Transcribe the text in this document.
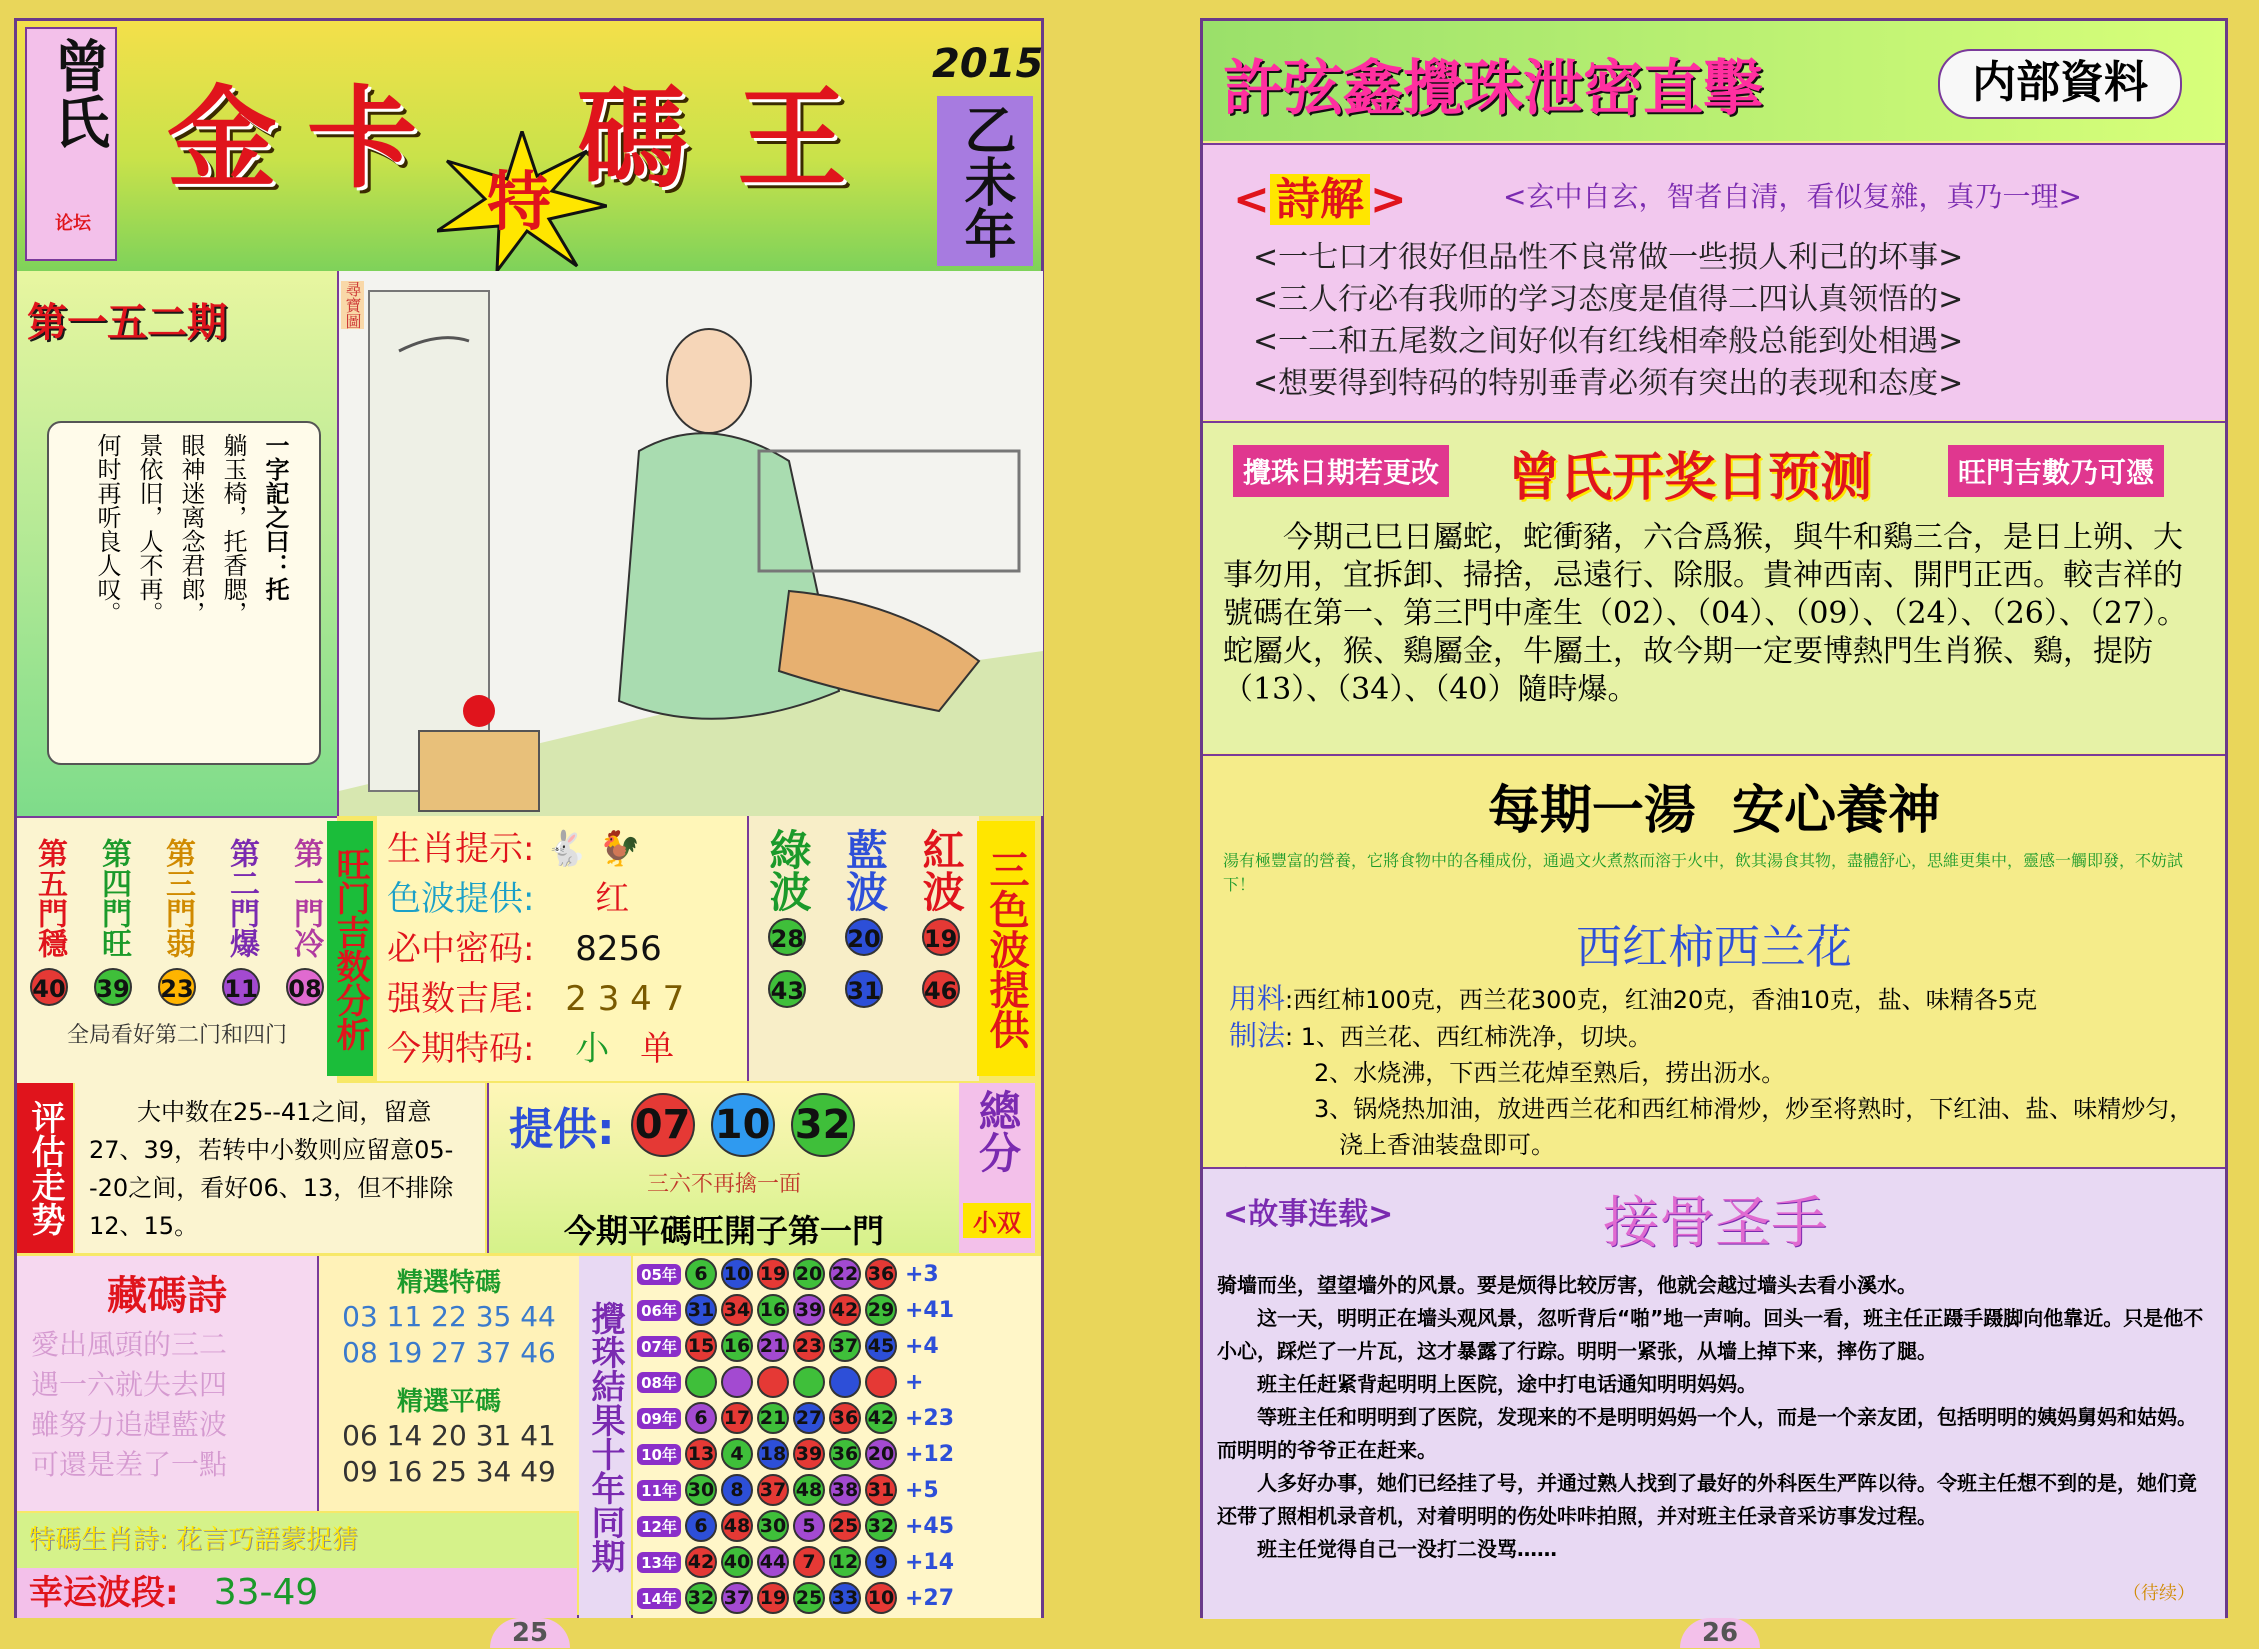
曾氏
论坛
金 卡 碼 王
特
2015
乙未年
第一五二期
一字記之曰：托
躺玉椅，托香腮，
眼神迷离念君郎，
景依旧，人不再。
何时再听良人叹。
尋寶圖
第五門穩
40
第四門旺
39
第三門弱
23
第二門爆
11
第一門冷
08
全局看好第二门和四门	旺门吉数分析 生肖提示: 🐇 🐓
色波提供: 红
必中密码: 8256
强数吉尾: 2 3 4 7
今期特码: 小 单
綠波 藍波 紅波
28 20 19
43 31 46 三色波提供
评估走势	大中数在25--41之间，留意27、39，若转中小数则应留意05--20之间，看好06、13，但不排除12、15。
提供: 07 10 32
三六不再擒一面
今期平碼旺開子第一門
總分
小双
藏碼詩
愛出風頭的三二
遇一六就失去四
雖努力追趕藍波
可還是差了一點
精選特碼
03 11 22 35 44
08 19 27 37 46
精選平碼
06 14 20 31 41
09 16 25 34 49
特碼生肖詩: 花言巧語蒙捉猜
幸运波段: 33-49
攪珠結果十年同期
05年 6 10 19 20 22 36 +3
06年 31 34 16 39 42 29 +41
07年 15 16 21 23 37 45 +4
08年	+
09年 6 17 21 27 36 42 +23
10年 13 4 18 39 36 20 +12
11年 30 8 37 48 38 31 +5
12年 6 48 30 5 25 32 +45
13年 42 40 44 7 12 9 +14
14年 32 37 19 25 33 10 +27
25
許弦鑫攪珠泄密直擊	内部資料
< 詩解 >	<玄中自玄，智者自清，看似复雜，真乃一理>
<一七口才很好但品性不良常做一些损人利己的坏事>
<三人行必有我师的学习态度是值得二四认真领悟的>
<一二和五尾数之间好似有红线相牵般总能到处相遇>
<想要得到特码的特别垂青必须有突出的表现和态度>
攪珠日期若更改 曾氏开奖日预测	旺門吉數乃可憑
今期己巳日屬蛇，蛇衝豬，六合爲猴，與牛和鷄三合，是日上朔、大事勿用，宜拆卸、掃捨，忌遠行、除服。貴神西南、開門正西。較吉祥的號碼在第一、第三門中產生（02）、（04）、（09）、（24）、（26）、（27）。蛇屬火，猴、鷄屬金，牛屬土，故今期一定要博熱門生肖猴、鷄，提防（13）、（34）、（40）隨時爆。
每期一湯  安心養神
湯有極豐富的營養，它將食物中的各種成份，通過文火煮熬而溶于火中，飲其湯食其物，盡體舒心，思維更集中，靈感一觸即發，不妨試下！
西红柿西兰花
用料:西红柿100克，西兰花300克，红油20克，香油10克，盐、味精各5克
制法: 1、西兰花、西红柿洗净，切块。
2、水烧沸，下西兰花焯至熟后，捞出沥水。
3、锅烧热加油，放进西兰花和西红柿滑炒，炒至将熟时，下红油、盐、味精炒匀，
浇上香油装盘即可。
<故事连载>	接骨圣手
骑墙而坐，望望墙外的风景。要是烦得比较厉害，他就会越过墙头去看小溪水。
这一天，明明正在墙头观风景，忽听背后“啪”地一声响。回头一看，班主任正蹑手蹑脚向他靠近。只是他不小心，踩烂了一片瓦，这才暴露了行踪。明明一紧张，从墙上掉下来，摔伤了腿。
班主任赶紧背起明明上医院，途中打电话通知明明妈妈。
等班主任和明明到了医院，发现来的不是明明妈妈一个人，而是一个亲友团，包括明明的姨妈舅妈和姑妈。而明明的爷爷正在赶来。
人多好办事，她们已经挂了号，并通过熟人找到了最好的外科医生严阵以待。令班主任想不到的是，她们竟还带了照相机录音机，对着明明的伤处咔咔拍照，并对班主任录音采访事发过程。
班主任觉得自己一没打二没骂……
（待续）
26
